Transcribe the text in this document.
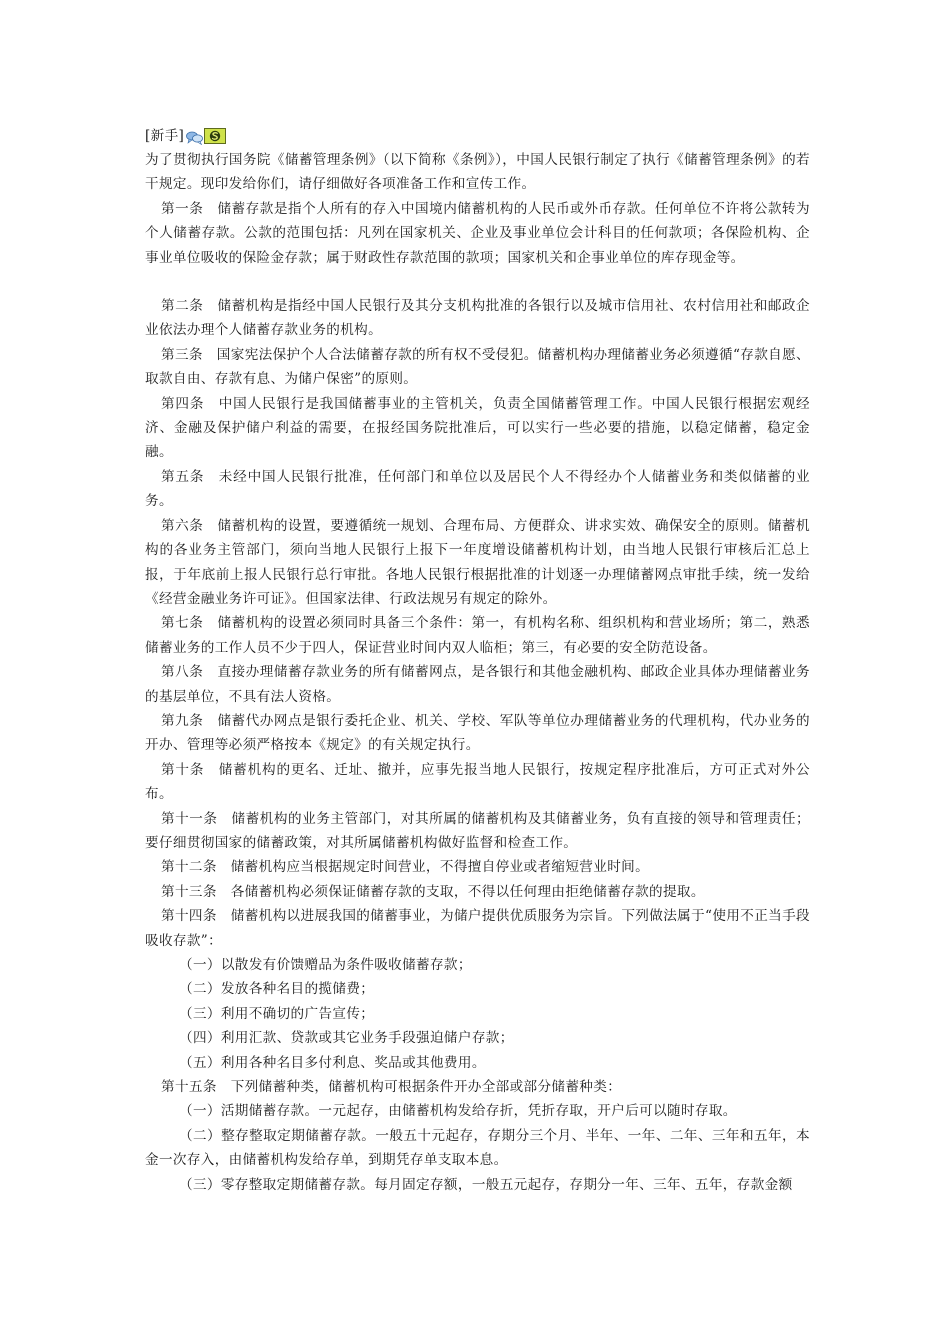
[新手]

为了贯彻执行国务院《储蓄管理条例》（以下简称《条例》），中国人民银行制定了执行《储蓄管理条例》的若干规定。现印发给你们，请仔细做好各项准备工作和宣传工作。

第一条　储蓄存款是指个人所有的存入中国境内储蓄机构的人民币或外币存款。任何单位不许将公款转为个人储蓄存款。公款的范围包括：凡列在国家机关、企业及事业单位会计科目的任何款项；各保险机构、企事业单位吸收的保险金存款；属于财政性存款范围的款项；国家机关和企事业单位的库存现金等。

第二条　储蓄机构是指经中国人民银行及其分支机构批准的各银行以及城市信用社、农村信用社和邮政企业依法办理个人储蓄存款业务的机构。

第三条　国家宪法保护个人合法储蓄存款的所有权不受侵犯。储蓄机构办理储蓄业务必须遵循“存款自愿、取款自由、存款有息、为储户保密”的原则。

第四条　中国人民银行是我国储蓄事业的主管机关，负责全国储蓄管理工作。中国人民银行根据宏观经济、金融及保护储户利益的需要，在报经国务院批准后，可以实行一些必要的措施，以稳定储蓄，稳定金融。

第五条　未经中国人民银行批准，任何部门和单位以及居民个人不得经办个人储蓄业务和类似储蓄的业务。

第六条　储蓄机构的设置，要遵循统一规划、合理布局、方便群众、讲求实效、确保安全的原则。储蓄机构的各业务主管部门，须向当地人民银行上报下一年度增设储蓄机构计划，由当地人民银行审核后汇总上报，于年底前上报人民银行总行审批。各地人民银行根据批准的计划逐一办理储蓄网点审批手续，统一发给《经营金融业务许可证》。但国家法律、行政法规另有规定的除外。

第七条　储蓄机构的设置必须同时具备三个条件：第一，有机构名称、组织机构和营业场所；第二，熟悉储蓄业务的工作人员不少于四人，保证营业时间内双人临柜；第三，有必要的安全防范设备。

第八条　直接办理储蓄存款业务的所有储蓄网点，是各银行和其他金融机构、邮政企业具体办理储蓄业务的基层单位，不具有法人资格。

第九条　储蓄代办网点是银行委托企业、机关、学校、军队等单位办理储蓄业务的代理机构，代办业务的开办、管理等必须严格按本《规定》的有关规定执行。

第十条　储蓄机构的更名、迁址、撤并，应事先报当地人民银行，按规定程序批准后，方可正式对外公布。

第十一条　储蓄机构的业务主管部门，对其所属的储蓄机构及其储蓄业务，负有直接的领导和管理责任；要仔细贯彻国家的储蓄政策，对其所属储蓄机构做好监督和检查工作。

第十二条　储蓄机构应当根据规定时间营业，不得擅自停业或者缩短营业时间。

第十三条　各储蓄机构必须保证储蓄存款的支取，不得以任何理由拒绝储蓄存款的提取。

第十四条　储蓄机构以进展我国的储蓄事业，为储户提供优质服务为宗旨。下列做法属于“使用不正当手段吸收存款”：

（一）以散发有价馈赠品为条件吸收储蓄存款；

（二）发放各种名目的揽储费；

（三）利用不确切的广告宣传；

（四）利用汇款、贷款或其它业务手段强迫储户存款；

（五）利用各种名目多付利息、奖品或其他费用。

第十五条　下列储蓄种类，储蓄机构可根据条件开办全部或部分储蓄种类：

（一）活期储蓄存款。一元起存，由储蓄机构发给存折，凭折存取，开户后可以随时存取。

（二）整存整取定期储蓄存款。一般五十元起存，存期分三个月、半年、一年、二年、三年和五年，本金一次存入，由储蓄机构发给存单，到期凭存单支取本息。

（三）零存整取定期储蓄存款。每月固定存额，一般五元起存，存期分一年、三年、五年，存款金额
